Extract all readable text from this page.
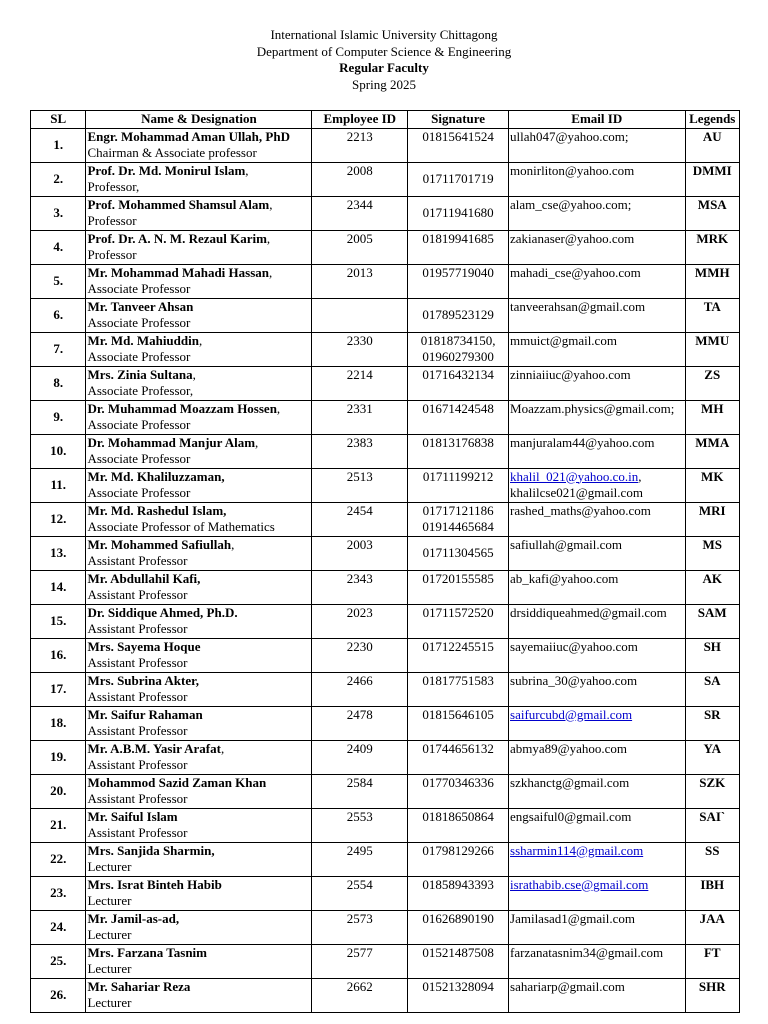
International Islamic University Chittagong
Department of Computer Science & Engineering
Regular Faculty
Spring 2025
SL	Name & Designation	Employee ID	Signature	Email ID	Legends
1.	Engr. Mohammad Aman Ullah, PhD
Chairman & Associate professor	2213	01815641524	ullah047@yahoo.com;	AU
2.	Prof. Dr. Md. Monirul Islam,
Professor,	2008	01711701719	monirliton@yahoo.com	DMMI
3.	Prof. Mohammed Shamsul Alam,
Professor	2344	01711941680	alam_cse@yahoo.com;	MSA
4.	Prof. Dr. A. N. M. Rezaul Karim,
Professor	2005	01819941685	zakianaser@yahoo.com	MRK
5.	Mr. Mohammad Mahadi Hassan,
Associate Professor	2013	01957719040	mahadi_cse@yahoo.com	MMH
6.	Mr. Tanveer Ahsan
Associate Professor		01789523129	tanveerahsan@gmail.com	TA
7.	Mr. Md. Mahiuddin,
Associate Professor	2330	01818734150,
01960279300	mmuict@gmail.com	MMU
8.	Mrs. Zinia Sultana,
Associate Professor,	2214	01716432134	zinniaiiuc@yahoo.com	ZS
9.	Dr. Muhammad Moazzam Hossen,
Associate Professor	2331	01671424548	Moazzam.physics@gmail.com;	MH
10.	Dr. Mohammad Manjur Alam,
Associate Professor	2383	01813176838	manjuralam44@yahoo.com	MMA
11.	Mr. Md. Khaliluzzaman,
Associate Professor	2513	01711199212	khalil_021@yahoo.co.in,
khalilcse021@gmail.com	MK
12.	Mr. Md. Rashedul Islam,
Associate Professor of Mathematics	2454	01717121186
01914465684	rashed_maths@yahoo.com	MRI
13.	Mr. Mohammed Safiullah,
Assistant Professor	2003	01711304565	safiullah@gmail.com	MS
14.	Mr. Abdullahil Kafi,
Assistant Professor	2343	01720155585	ab_kafi@yahoo.com	AK
15.	Dr. Siddique Ahmed, Ph.D.
Assistant Professor	2023	01711572520	drsiddiqueahmed@gmail.com	SAM
16.	Mrs. Sayema Hoque
Assistant Professor	2230	01712245515	sayemaiiuc@yahoo.com	SH
17.	Mrs. Subrina Akter,
Assistant Professor	2466	01817751583	subrina_30@yahoo.com	SA
18.	Mr. Saifur Rahaman
Assistant Professor	2478	01815646105	saifurcubd@gmail.com	SR
19.	Mr. A.B.M. Yasir Arafat,
Assistant Professor	2409	01744656132	abmya89@yahoo.com	YA
20.	Mohammod Sazid Zaman Khan
Assistant Professor	2584	01770346336	szkhanctg@gmail.com	SZK
21.	Mr. Saiful Islam
Assistant Professor	2553	01818650864	engsaiful0@gmail.com	SAI`
22.	Mrs. Sanjida Sharmin,
Lecturer	2495	01798129266	ssharmin114@gmail.com	SS
23.	Mrs. Israt Binteh Habib
Lecturer	2554	01858943393	israthabib.cse@gmail.com	IBH
24.	Mr. Jamil-as-ad,
Lecturer	2573	01626890190	Jamilasad1@gmail.com	JAA
25.	Mrs. Farzana Tasnim
Lecturer	2577	01521487508	farzanatasnim34@gmail.com	FT
26.	Mr. Sahariar Reza
Lecturer	2662	01521328094	sahariarp@gmail.com	SHR
